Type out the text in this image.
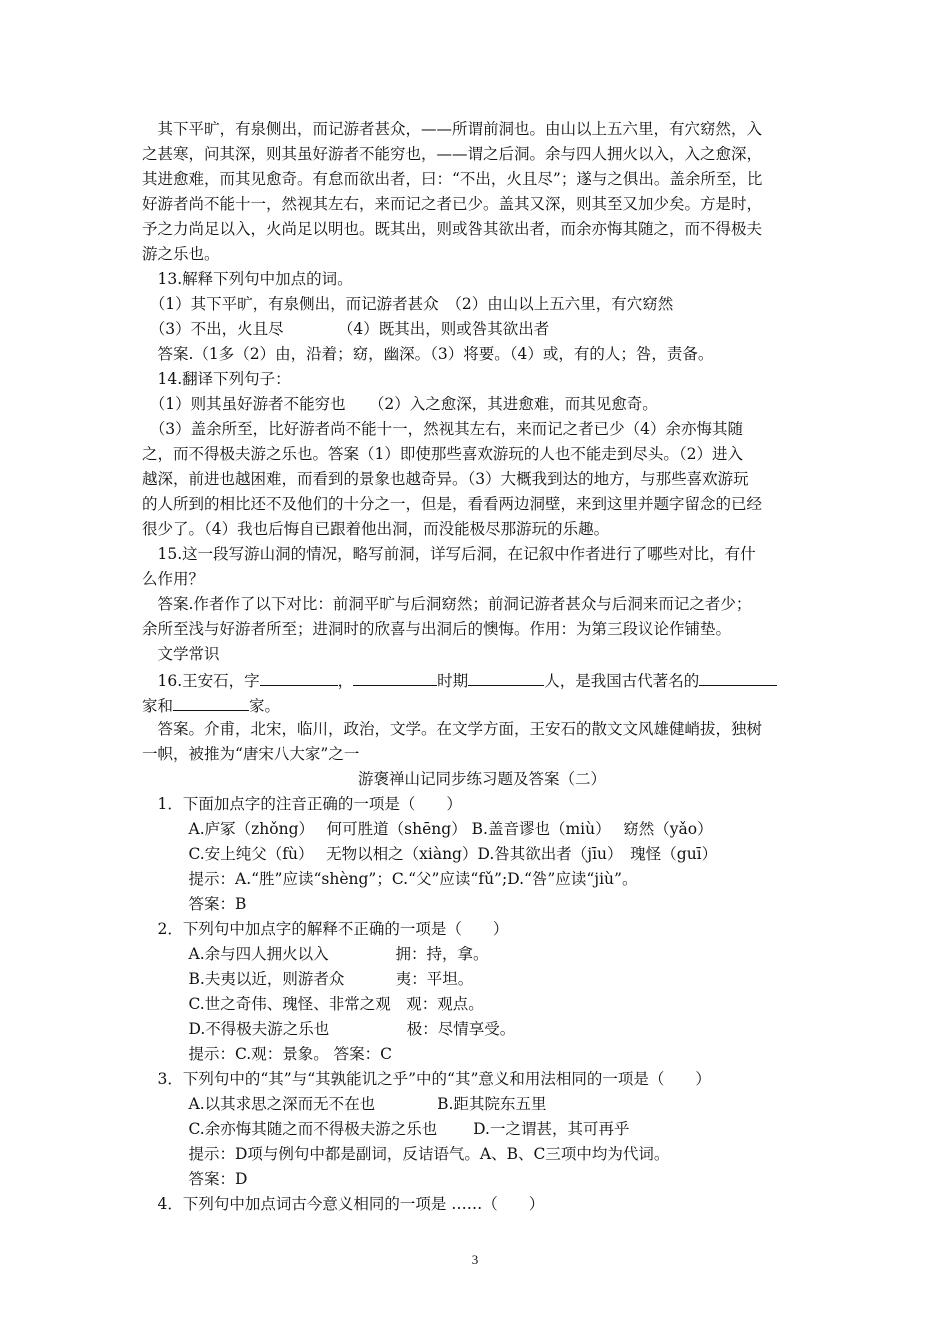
　其下平旷，有泉侧出，而记游者甚众，——所谓前洞也。由山以上五六里，有穴窈然，入
之甚寒，问其深，则其虽好游者不能穷也，——谓之后洞。余与四人拥火以入，入之愈深，
其进愈难，而其见愈奇。有怠而欲出者，曰：“不出，火且尽”；遂与之俱出。盖余所至，比
好游者尚不能十一，然视其左右，来而记之者已少。盖其又深，则其至又加少矣。方是时，
予之力尚足以入，火尚足以明也。既其出，则或咎其欲出者，而余亦悔其随之，而不得极夫
游之乐也。
　13.解释下列句中加点的词。
　（1）其下平旷，有泉侧出，而记游者甚众　（2）由山以上五六里，有穴窈然
　（3）不出，火且尽　　　　（4）既其出，则或咎其欲出者
　答案.（1多（2）由，沿着；窈，幽深。（3）将要。（4）或，有的人；咎，责备。
　14.翻译下列句子：
　（1）则其虽好游者不能穷也　　（2）入之愈深，其进愈难，而其见愈奇。
　（3）盖余所至，比好游者尚不能十一，然视其左右，来而记之者已少（4）余亦悔其随
之，而不得极夫游之乐也。答案（1）即使那些喜欢游玩的人也不能走到尽头。（2）进入
越深，前进也越困难，而看到的景象也越奇异。（3）大概我到达的地方，与那些喜欢游玩
的人所到的相比还不及他们的十分之一，但是，看看两边洞壁，来到这里并题字留念的已经
很少了。（4）我也后悔自已跟着他出洞，而没能极尽那游玩的乐趣。
　15.这一段写游山洞的情况，略写前洞，详写后洞，在记叙中作者进行了哪些对比，有什
么作用？
　答案.作者作了以下对比：前洞平旷与后洞窈然；前洞记游者甚众与后洞来而记之者少；
余所至浅与好游者所至；进洞时的欣喜与出洞后的懊悔。作用：为第三段议论作铺垫。
　文学常识
　16.王安石，字	，	时期	人，是我国古代著名的
家和	家。
　答案。介甫，北宋，临川，政治，文学。在文学方面，王安石的散文文风雄健峭拔，独树
一帜，被推为“唐宋八大家”之一
游褒禅山记同步练习题及答案（二）
　1．下面加点字的注音正确的一项是（　　）
　　　A.庐冢（zhǒng）　 何可胜道（shēng） B.盖音谬也（miù）　 窈然（yǎo）
　　　C.安上纯父（fù）　 无物以相之（xiàng）D.咎其欲出者（jīu）　瑰怪（guī）
　　　提示：A.“胜”应读“shèng”；C.“父”应读“fǔ”;D.“咎”应读“jiù”。
　　　答案：B
　2．下列句中加点字的解释不正确的一项是（　　）
　　　A.余与四人拥火以入　　　　 拥：持，拿。
　　　B.夫夷以近，则游者众　　　 夷：平坦。
　　　C.世之奇伟、瑰怪、非常之观　观：观点。
　　　D.不得极夫游之乐也　　　　　极：尽情享受。
　　　提示：C.观：景象。 答案：C
　3．下列句中的“其”与“其孰能讥之乎”中的“其”意义和用法相同的一项是（　　）
　　　A.以其求思之深而无不在也　　　　B.距其院东五里
　　　C.余亦悔其随之而不得极夫游之乐也　　 D.一之谓甚，其可再乎
　　　提示：D项与例句中都是副词，反诘语气。A、B、C三项中均为代词。
　　　答案：D
　4．下列句中加点词古今意义相同的一项是 ……（　　）
3
